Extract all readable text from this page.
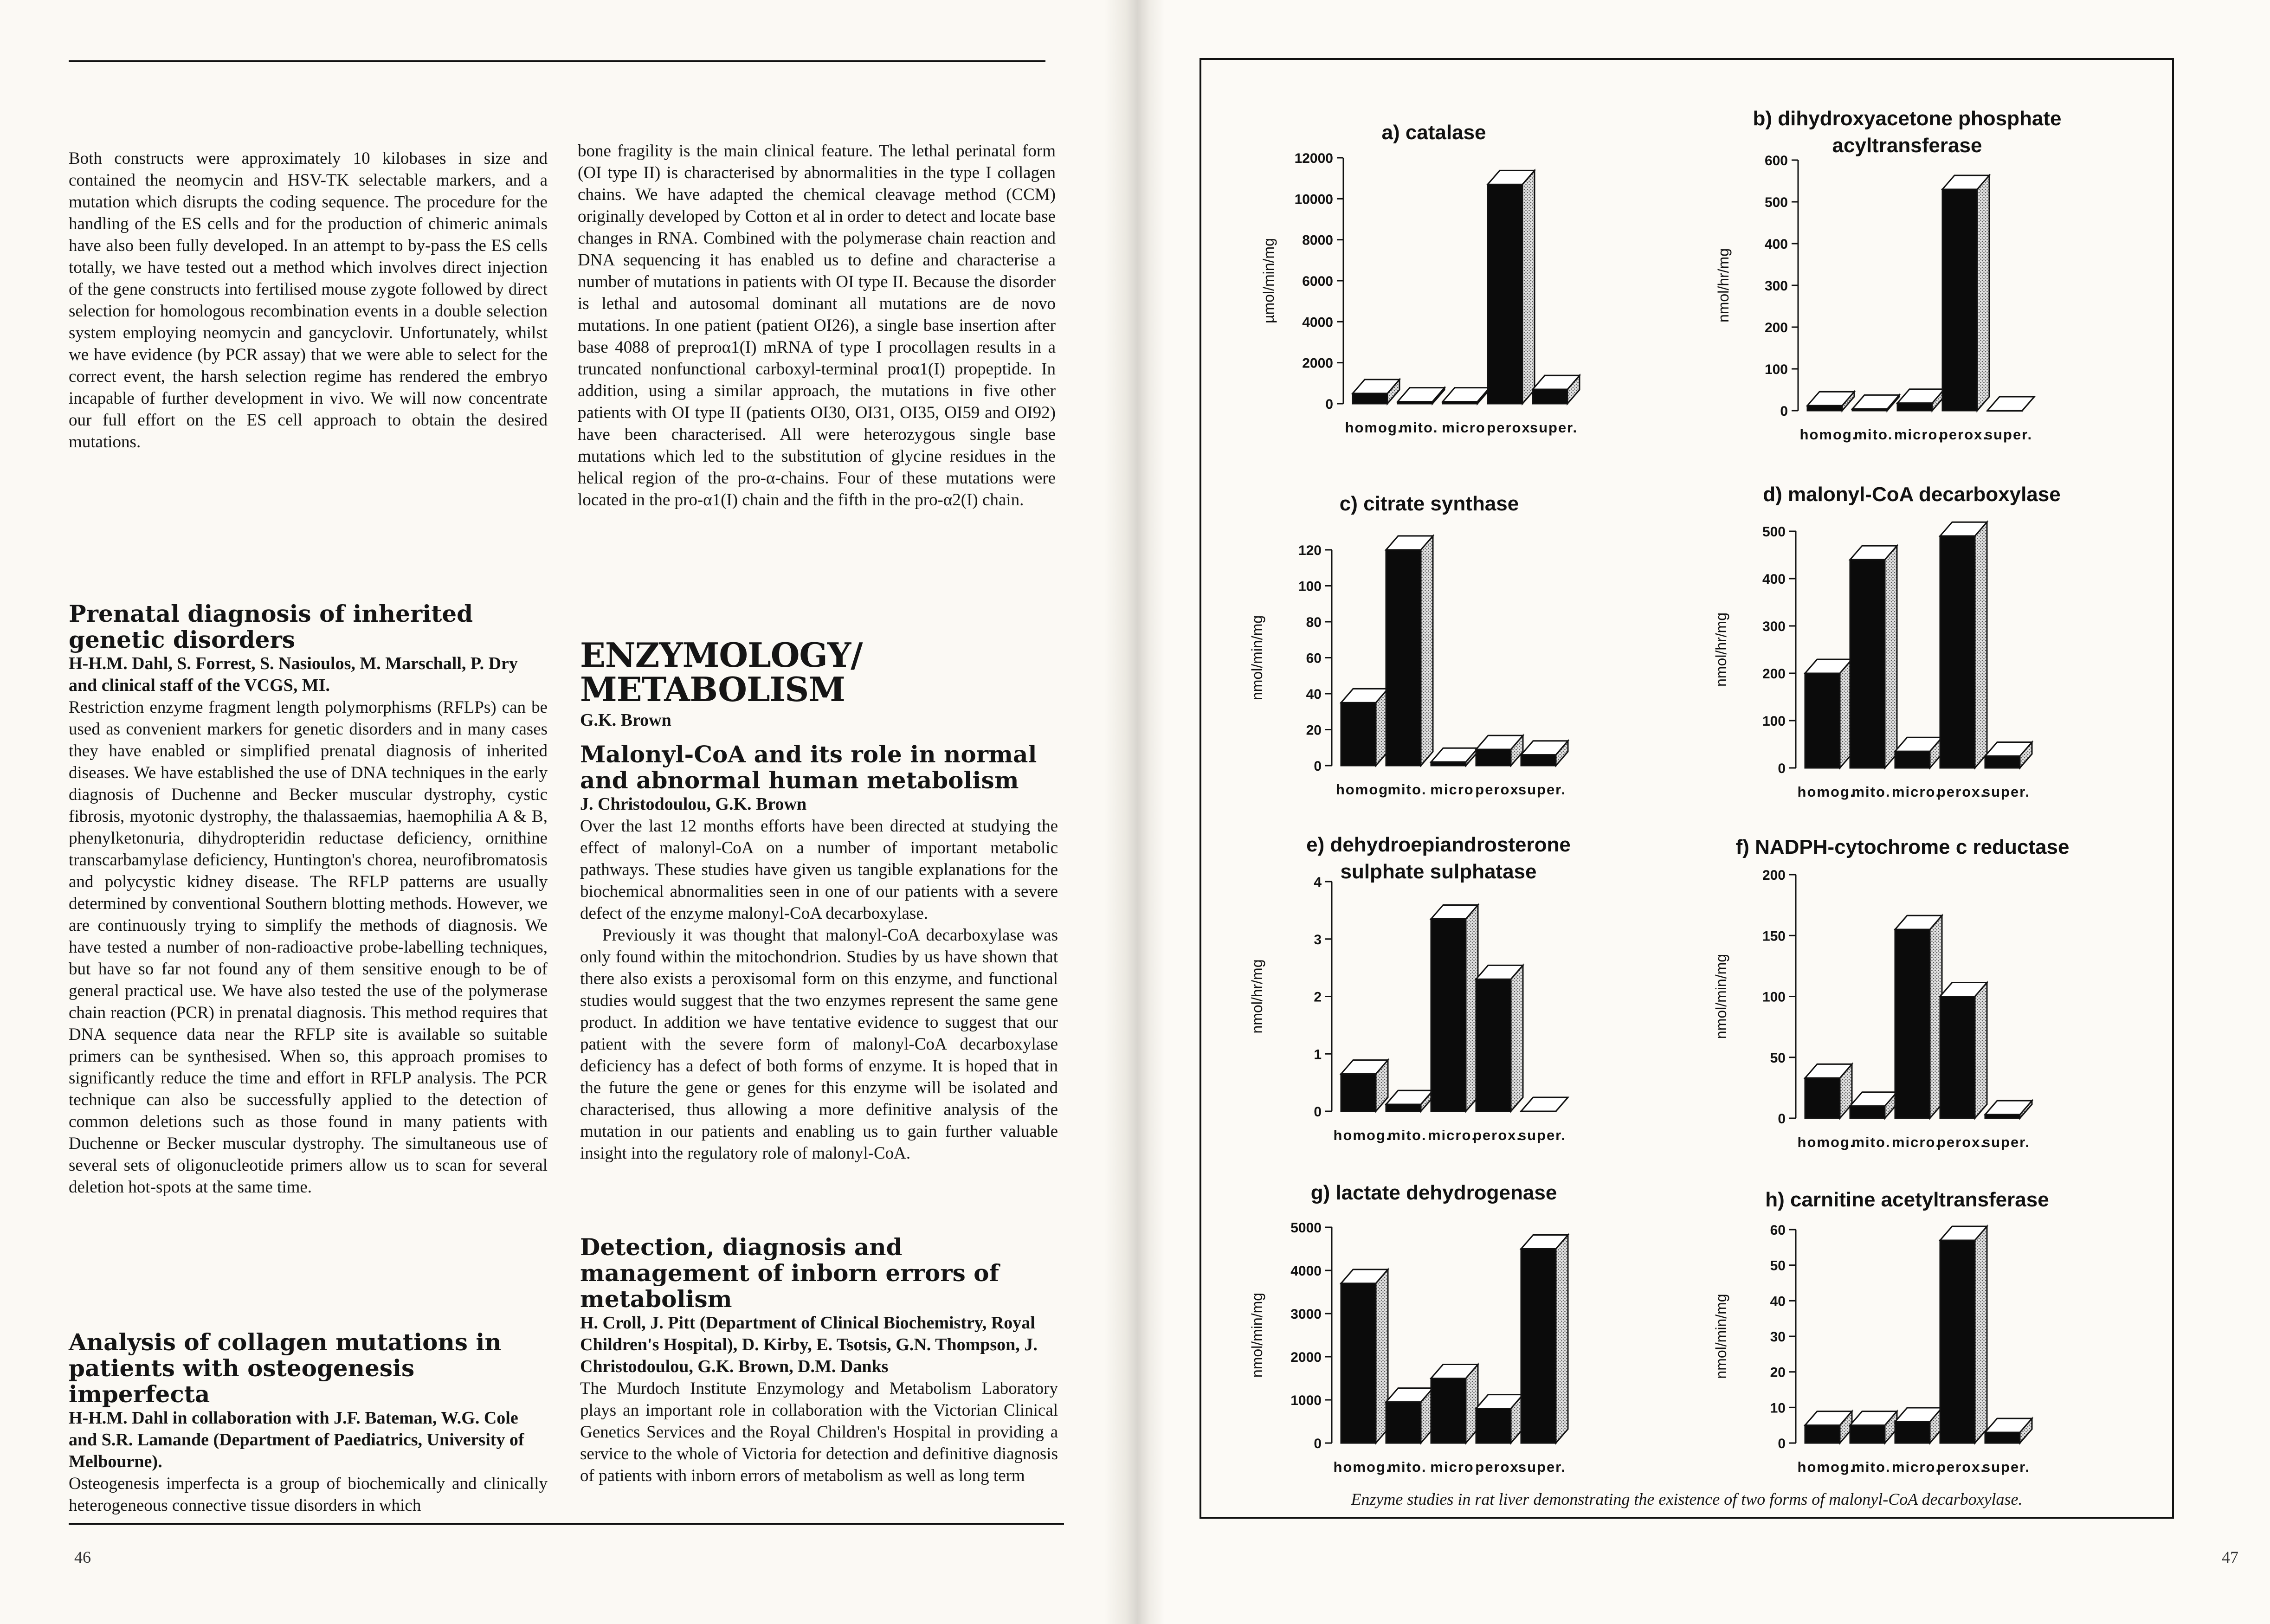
Both constructs were approximately 10 kilobases in size and contained the neomycin and HSV-TK selectable markers, and a mutation which disrupts the coding sequence. The procedure for the handling of the ES cells and for the production of chimeric animals have also been fully developed. In an attempt to by-pass the ES cells totally, we have tested out a method which involves direct injection of the gene constructs into fertilised mouse zygote followed by direct selection for homologous recombination events in a double selection system employing neomycin and gancyclovir. Unfortunately, whilst we have evidence (by PCR assay) that we were able to select for the correct event, the harsh selection regime has rendered the embryo incapable of further development in vivo. We will now concentrate our full effort on the ES cell approach to obtain the desired mutations.

Prenatal diagnosis of inherited genetic disorders

H-H.M. Dahl, S. Forrest, S. Nasioulos, M. Marschall, P. Dry and clinical staff of the VCGS, MI.

Restriction enzyme fragment length polymorphisms (RFLPs) can be used as convenient markers for genetic disorders and in many cases they have enabled or simplified prenatal diagnosis of inherited diseases. We have established the use of DNA techniques in the early diagnosis of Duchenne and Becker muscular dystrophy, cystic fibrosis, myotonic dystrophy, the thalassaemias, haemophilia A & B, phenylketonuria, dihydropteridin reductase deficiency, ornithine transcarbamylase deficiency, Huntington's chorea, neurofibromatosis and polycystic kidney disease. The RFLP patterns are usually determined by conventional Southern blotting methods. However, we are continuously trying to simplify the methods of diagnosis. We have tested a number of non-radioactive probe-labelling techniques, but have so far not found any of them sensitive enough to be of general practical use. We have also tested the use of the polymerase chain reaction (PCR) in prenatal diagnosis. This method requires that DNA sequence data near the RFLP site is available so suitable primers can be synthesised. When so, this approach promises to significantly reduce the time and effort in RFLP analysis. The PCR technique can also be successfully applied to the detection of common deletions such as those found in many patients with Duchenne or Becker muscular dystrophy. The simultaneous use of several sets of oligonucleotide primers allow us to scan for several deletion hot-spots at the same time.

Analysis of collagen mutations in patients with osteogenesis imperfecta

H-H.M. Dahl in collaboration with J.F. Bateman, W.G. Cole and S.R. Lamande (Department of Paediatrics, University of Melbourne).

Osteogenesis imperfecta is a group of biochemically and clinically heterogeneous connective tissue disorders in which

bone fragility is the main clinical feature. The lethal perinatal form (OI type II) is characterised by abnormalities in the type I collagen chains. We have adapted the chemical cleavage method (CCM) originally developed by Cotton et al in order to detect and locate base changes in RNA. Combined with the polymerase chain reaction and DNA sequencing it has enabled us to define and characterise a number of mutations in patients with OI type II. Because the disorder is lethal and autosomal dominant all mutations are de novo mutations. In one patient (patient OI26), a single base insertion after base 4088 of preproα1(I) mRNA of type I procollagen results in a truncated nonfunctional carboxyl-terminal proα1(I) propeptide. In addition, using a similar approach, the mutations in five other patients with OI type II (patients OI30, OI31, OI35, OI59 and OI92) have been characterised. All were heterozygous single base mutations which led to the substitution of glycine residues in the helical region of the pro-α-chains. Four of these mutations were located in the pro-α1(I) chain and the fifth in the pro-α2(I) chain.

ENZYMOLOGY/ METABOLISM

G.K. Brown

Malonyl-CoA and its role in normal and abnormal human metabolism

J. Christodoulou, G.K. Brown

Over the last 12 months efforts have been directed at studying the effect of malonyl-CoA on a number of important metabolic pathways. These studies have given us tangible explanations for the biochemical abnormalities seen in one of our patients with a severe defect of the enzyme malonyl-CoA decarboxylase.

Previously it was thought that malonyl-CoA decarboxylase was only found within the mitochondrion. Studies by us have shown that there also exists a peroxisomal form on this enzyme, and functional studies would suggest that the two enzymes represent the same gene product. In addition we have tentative evidence to suggest that our patient with the severe form of malonyl-CoA decarboxylase deficiency has a defect of both forms of enzyme. It is hoped that in the future the gene or genes for this enzyme will be isolated and characterised, thus allowing a more definitive analysis of the mutation in our patients and enabling us to gain further valuable insight into the regulatory role of malonyl-CoA.

Detection, diagnosis and management of inborn errors of metabolism

H. Croll, J. Pitt (Department of Clinical Biochemistry, Royal Children's Hospital), D. Kirby, E. Tsotsis, G.N. Thompson, J. Christodoulou, G.K. Brown, D.M. Danks

The Murdoch Institute Enzymology and Metabolism Laboratory plays an important role in collaboration with the Victorian Clinical Genetics Services and the Royal Children's Hospital in providing a service to the whole of Victoria for detection and definitive diagnosis of patients with inborn errors of metabolism as well as long term

46	47
a) catalase
0
2000
4000
6000
8000
10000
12000
µmol/min/mg
homog.
mito. micro perox
super.
b) dihydroxyacetone phosphate
acyltransferase
0
100
200
300
400
500
600
nmol/hr/mg
homog.
mito. micro.
perox.
super.
c) citrate synthase
0
20
40
60
80
100
120
nmol/min/mg
homog
mito. micro perox
super.
d) malonyl-CoA decarboxylase
0
100
200
300
400
500
nmol/hr/mg
homog.
mito. micro.
perox.
super.
e) dehydroepiandrosterone
sulphate sulphatase
0
1
2
3
4
nmol/hr/mg
homog.
mito. micro.
perox.
super.
f) NADPH-cytochrome c reductase
0
50
100
150
200
nmol/min/mg
homog.
mito. micro.
perox.
super.
g) lactate dehydrogenase
0
1000
2000
3000
4000
5000
nmol/min/mg
homog.
mito. micro perox
super.
h) carnitine acetyltransferase
0
10
20
30
40
50
60
nmol/min/mg
homog.
mito. micro.
perox.
super.
Enzyme studies in rat liver demonstrating the existence of two forms of malonyl-CoA decarboxylase.
